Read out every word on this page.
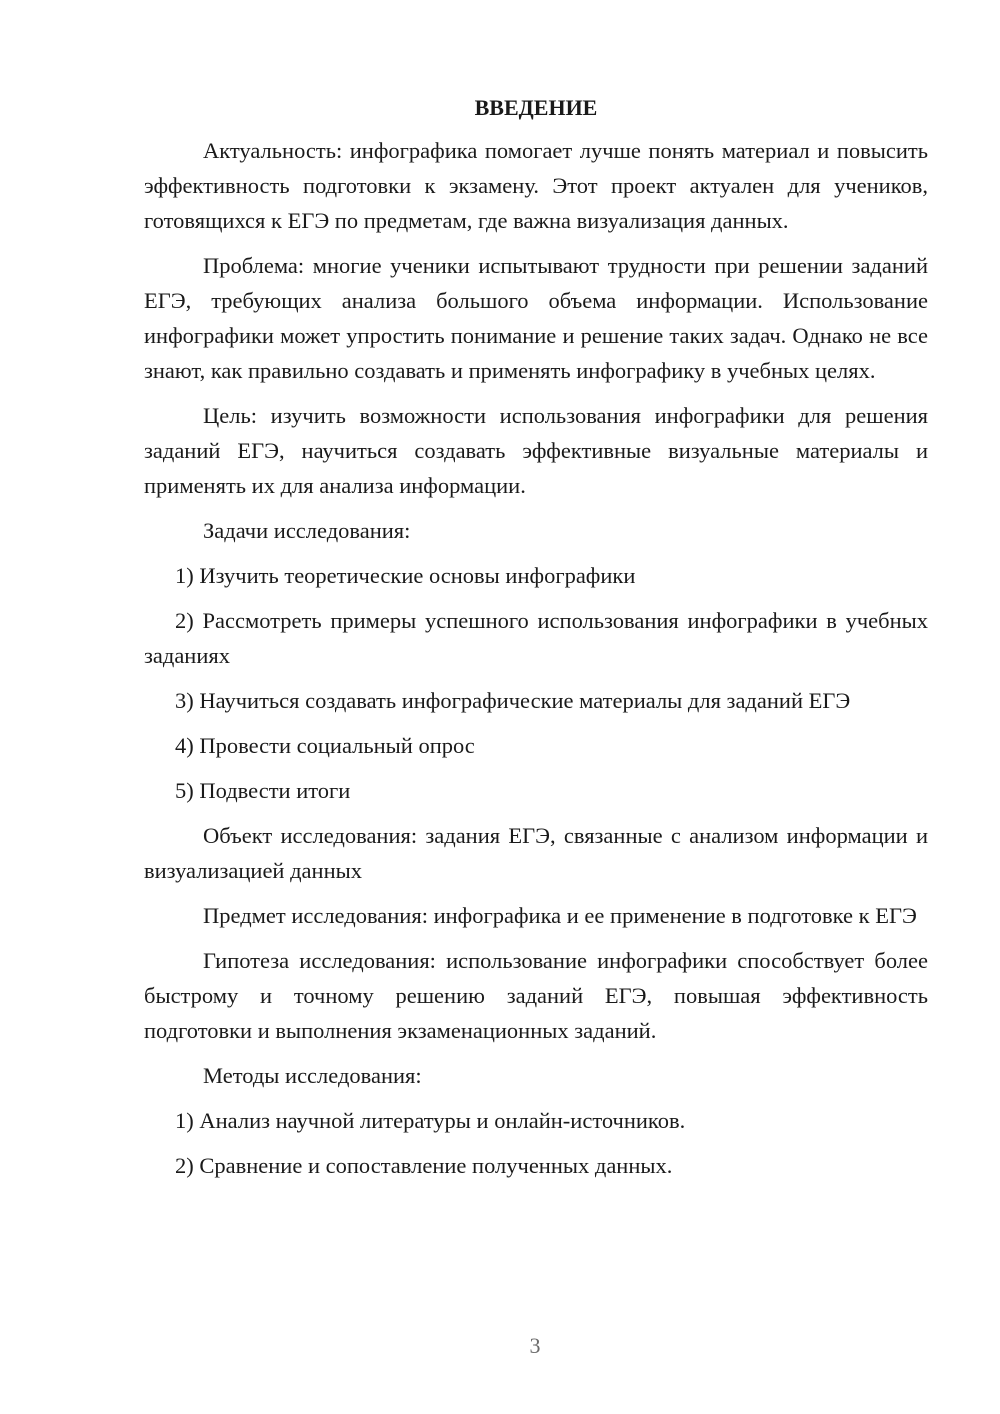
ВВЕДЕНИЕ

Актуальность: инфографика помогает лучше понять материал и повысить эффективность подготовки к экзамену. Этот проект актуален для учеников, готовящихся к ЕГЭ по предметам, где важна визуализация данных.

Проблема: многие ученики испытывают трудности при решении заданий ЕГЭ, требующих анализа большого объема информации. Использование инфографики может упростить понимание и решение таких задач. Однако не все знают, как правильно создавать и применять инфографику в учебных целях.

Цель: изучить возможности использования инфографики для решения заданий ЕГЭ, научиться создавать эффективные визуальные материалы и применять их для анализа информации.

Задачи исследования:

1) Изучить теоретические основы инфографики

2) Рассмотреть примеры успешного использования инфографики в учебных заданиях

3) Научиться создавать инфографические материалы для заданий ЕГЭ

4) Провести социальный опрос

5) Подвести итоги

Объект исследования: задания ЕГЭ, связанные с анализом информации и визуализацией данных

Предмет исследования: инфографика и ее применение в подготовке к ЕГЭ

Гипотеза исследования: использование инфографики способствует более быстрому и точному решению заданий ЕГЭ, повышая эффективность подготовки и выполнения экзаменационных заданий.

Методы исследования:

1) Анализ научной литературы и онлайн-источников.

2) Сравнение и сопоставление полученных данных.

3
